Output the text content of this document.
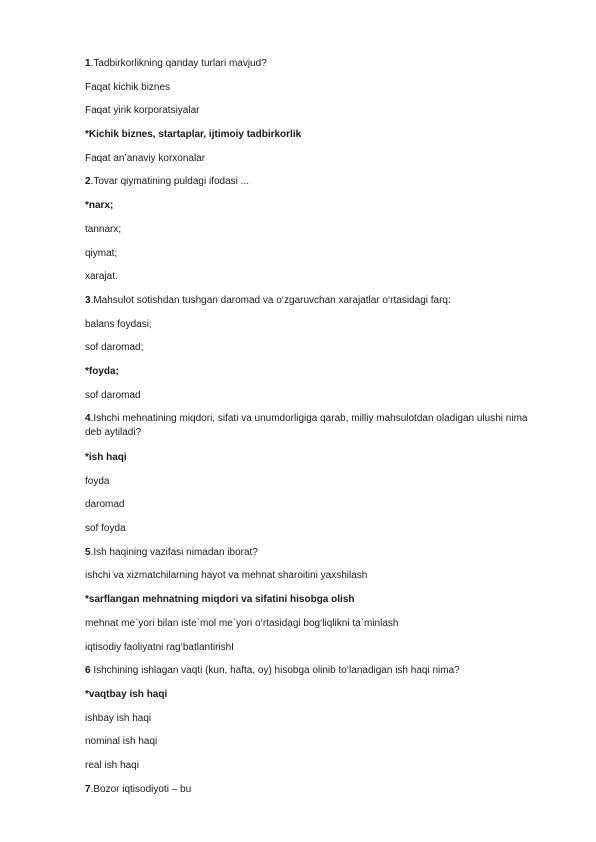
1.Tadbirkorlikning qanday turlari mavjud?
Faqat kichik biznes
Faqat yirik korporatsiyalar
*Kichik biznes, startaplar, ijtimoiy tadbirkorlik
Faqat an’anaviy korxonalar
2.Tovar qiymatining puldagi ifodasi ...
*narx;
tannarx;
qiymat;
xarajat.
3.Mahsulot sotishdan tushgan daromad va o‘zgaruvchan xarajatlar o‘rtasidagi farq:
balans foydasi;
sof daromad;
*foyda;
sof daromad
4.Ishchi mehnatining miqdori, sifati va unumdorligiga qarab, milliy mahsulotdan oladigan ulushi nima deb aytiladi?
*ish haqi
foyda
daromad
sof foyda
5.Ish haqining vazifasi nimadan iborat?
ishchi va xizmatchilarning hayot va mehnat sharoitini yaxshilash
*sarflangan mehnatning miqdori va sifatini hisobga olish
mehnat me`yori bilan iste`mol me`yori o‘rtasidagi bog‘liqlikni ta`minlash
iqtisodiy faoliyatni rag‘batlantirishI
6 Ishchining ishlagan vaqti (kun, hafta, oy) hisobga olinib to‘lanadigan ish haqi nima?
*vaqtbay ish haqi
ishbay ish haqi
nominal ish haqi
real ish haqi
7.Bozor iqtisodiyoti – bu
